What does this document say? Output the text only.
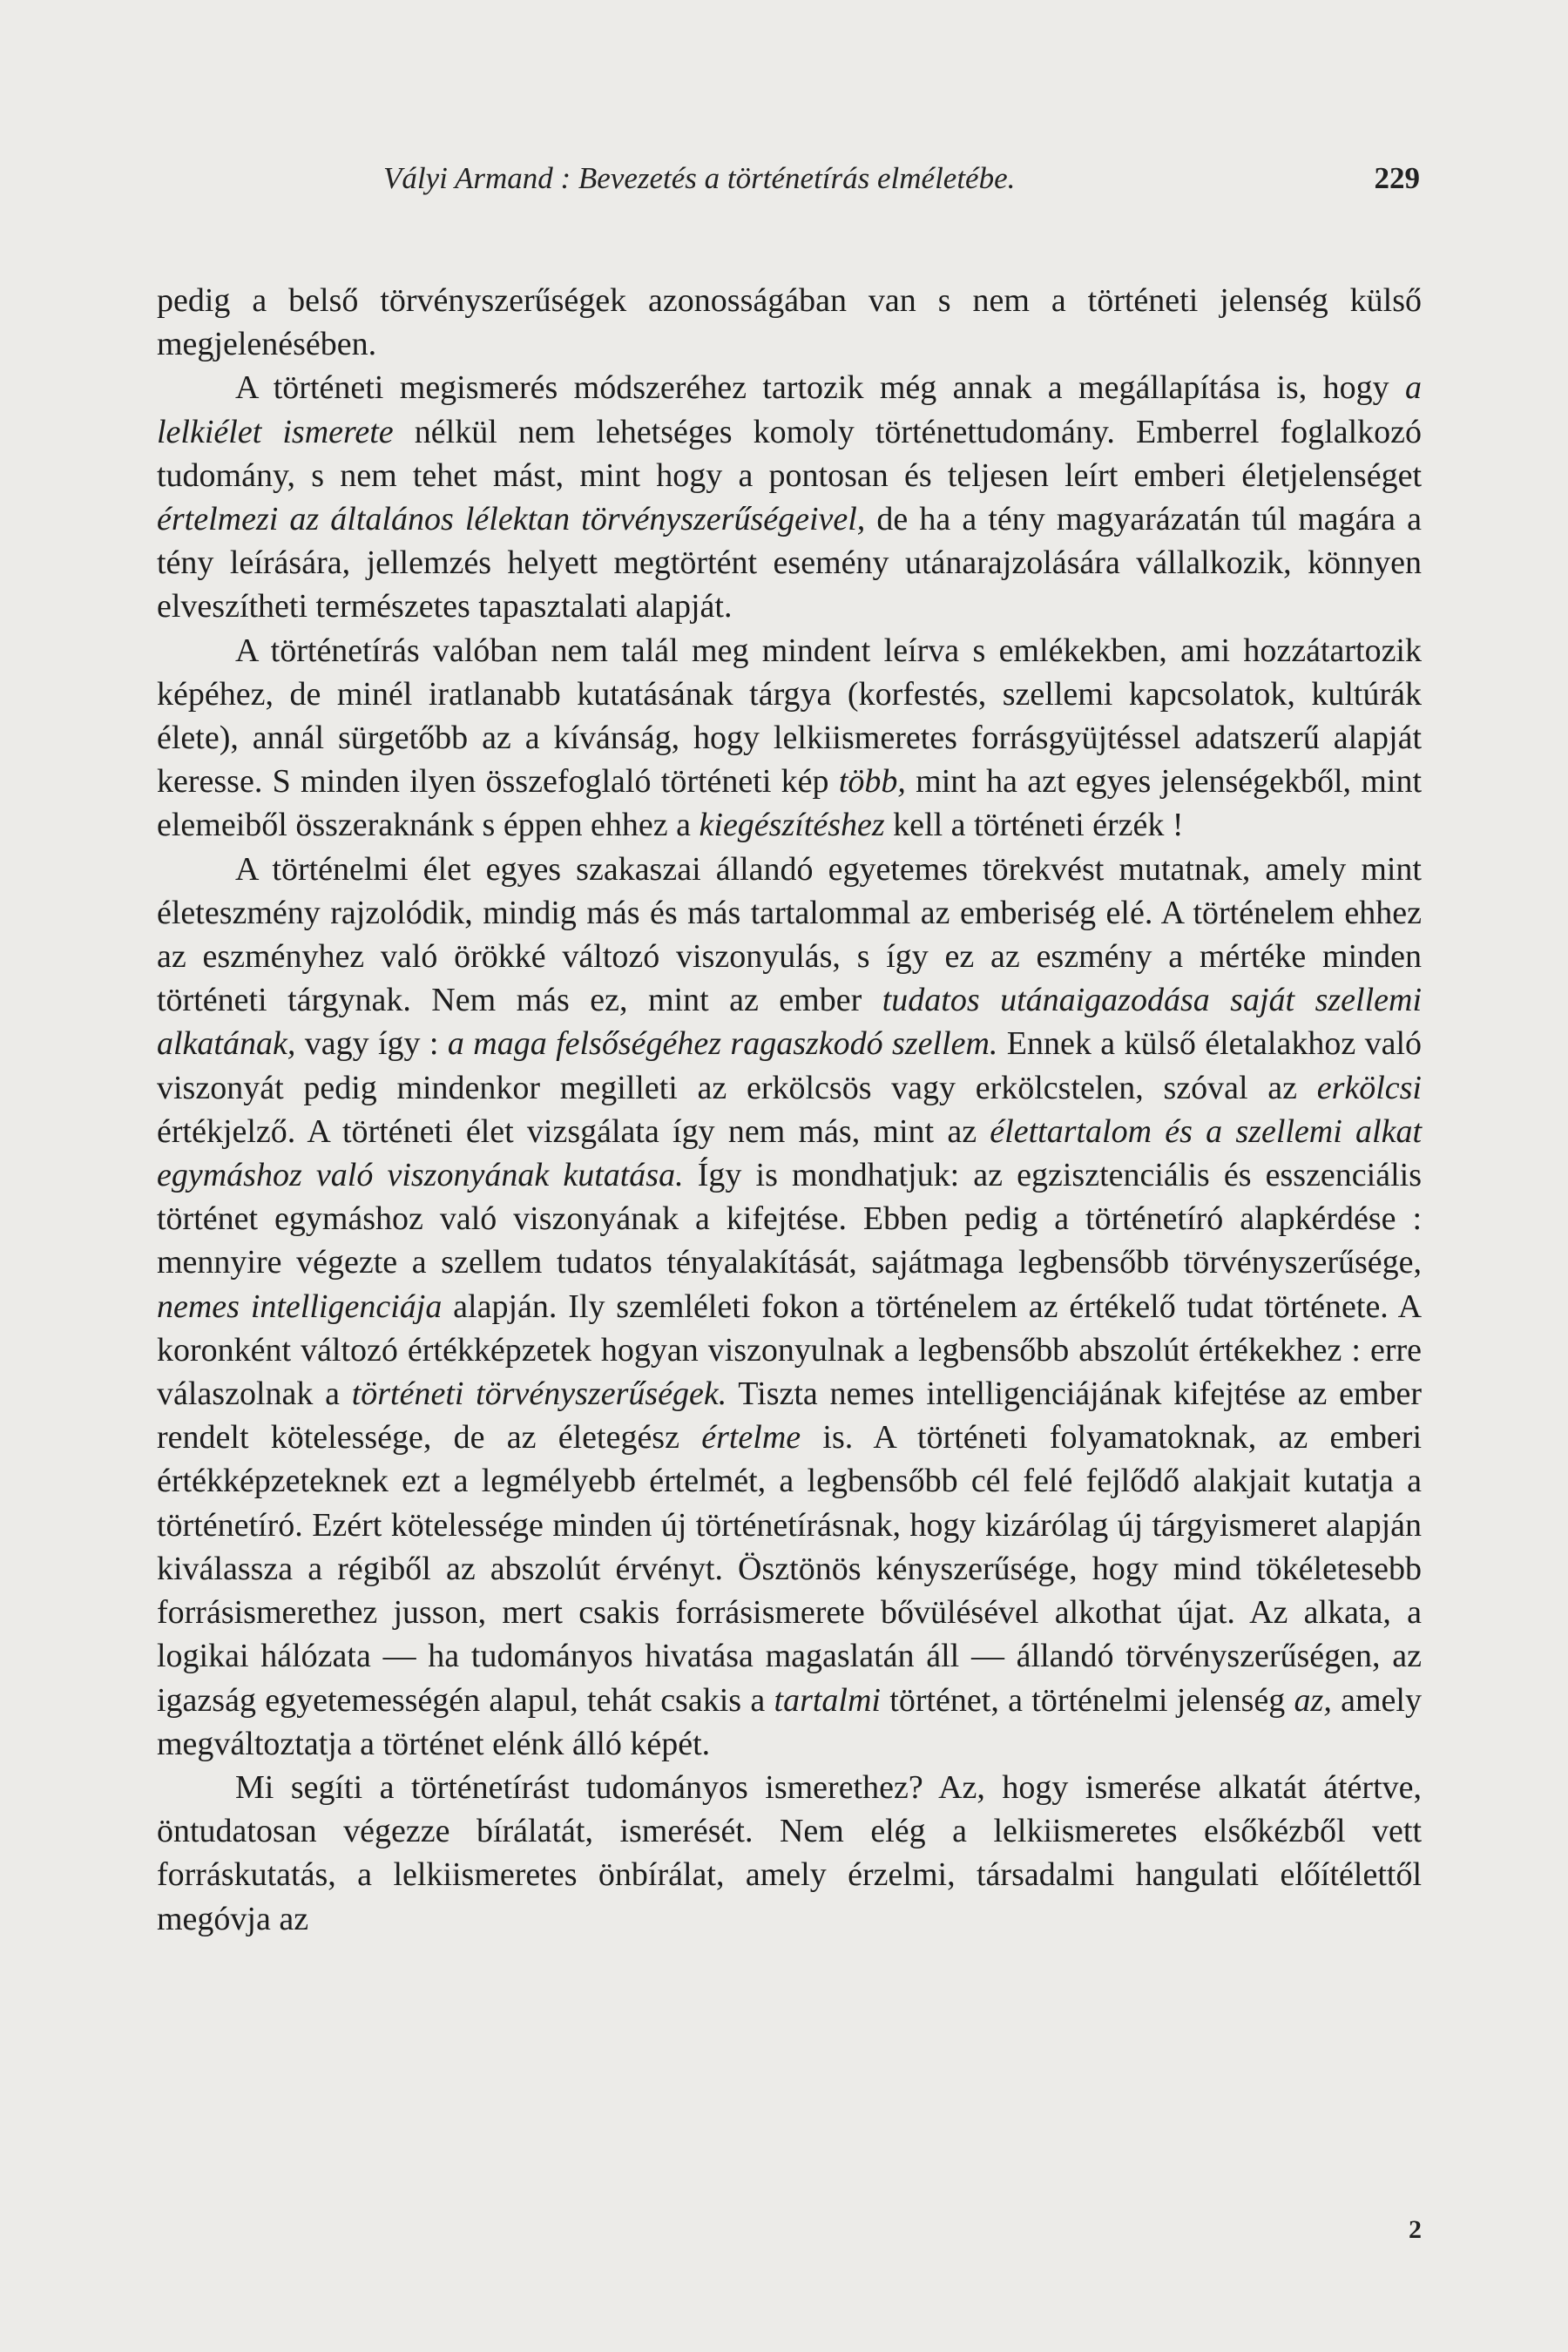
Vályi Armand : Bevezetés a történetírás elméletébe.	229

pedig a belső törvényszerűségek azonosságában van s nem a történeti jelenség külső megjelenésében.

A történeti megismerés módszeréhez tartozik még annak a megállapítása is, hogy a lelkiélet ismerete nélkül nem lehetséges komoly történettudomány. Emberrel foglalkozó tudomány, s nem tehet mást, mint hogy a pontosan és teljesen leírt emberi életjelenséget értelmezi az általános lélektan törvényszerűségeivel, de ha a tény magyarázatán túl magára a tény leírására, jellemzés helyett megtörtént esemény utánarajzolására vállalkozik, könnyen elveszítheti természetes tapasztalati alapját.

A történetírás valóban nem talál meg mindent leírva s emlékekben, ami hozzátartozik képéhez, de minél iratlanabb kutatásának tárgya (korfestés, szellemi kapcsolatok, kultúrák élete), annál sürgetőbb az a kívánság, hogy lelkiismeretes forrásgyüjtéssel adatszerű alapját keresse. S minden ilyen összefoglaló történeti kép több, mint ha azt egyes jelenségekből, mint elemeiből összeraknánk s éppen ehhez a kiegészítéshez kell a történeti érzék !

A történelmi élet egyes szakaszai állandó egyetemes törekvést mutatnak, amely mint életeszmény rajzolódik, mindig más és más tartalommal az emberiség elé. A történelem ehhez az eszményhez való örökké változó viszonyulás, s így ez az eszmény a mértéke minden történeti tárgynak. Nem más ez, mint az ember tudatos utánaigazodása saját szellemi alkatának, vagy így : a maga felsőségéhez ragaszkodó szellem. Ennek a külső életalakhoz való viszonyát pedig mindenkor megilleti az erkölcsös vagy erkölcstelen, szóval az erkölcsi értékjelző. A történeti élet vizsgálata így nem más, mint az élettartalom és a szellemi alkat egymáshoz való viszonyának kutatása. Így is mondhatjuk: az egzisztenciális és esszenciális történet egymáshoz való viszonyának a kifejtése. Ebben pedig a történetíró alapkérdése : mennyire végezte a szellem tudatos tényalakítását, sajátmaga legbensőbb törvényszerűsége, nemes intelligenciája alapján. Ily szemléleti fokon a történelem az értékelő tudat története. A koronként változó értékképzetek hogyan viszonyulnak a legbensőbb abszolút értékekhez : erre válaszolnak a történeti törvényszerűségek. Tiszta nemes intelligenciájának kifejtése az ember rendelt kötelessége, de az életegész értelme is. A történeti folyamatoknak, az emberi értékképzeteknek ezt a legmélyebb értelmét, a legbensőbb cél felé fejlődő alakjait kutatja a történetíró. Ezért kötelessége minden új történetírásnak, hogy kizárólag új tárgyismeret alapján kiválassza a régiből az abszolút érvényt. Ösztönös kényszerűsége, hogy mind tökéletesebb forrásismerethez jusson, mert csakis forrásismerete bővülésével alkothat újat. Az alkata, a logikai hálózata — ha tudományos hivatása magaslatán áll — állandó törvényszerűségen, az igazság egyetemességén alapul, tehát csakis a tartalmi történet, a történelmi jelenség az, amely megváltoztatja a történet elénk álló képét.

Mi segíti a történetírást tudományos ismerethez? Az, hogy ismerése alkatát átértve, öntudatosan végezze bírálatát, ismerését. Nem elég a lelkiismeretes elsőkézből vett forráskutatás, a lelkiismeretes önbírálat, amely érzelmi, társadalmi hangulati előítélettől megóvja az

2
